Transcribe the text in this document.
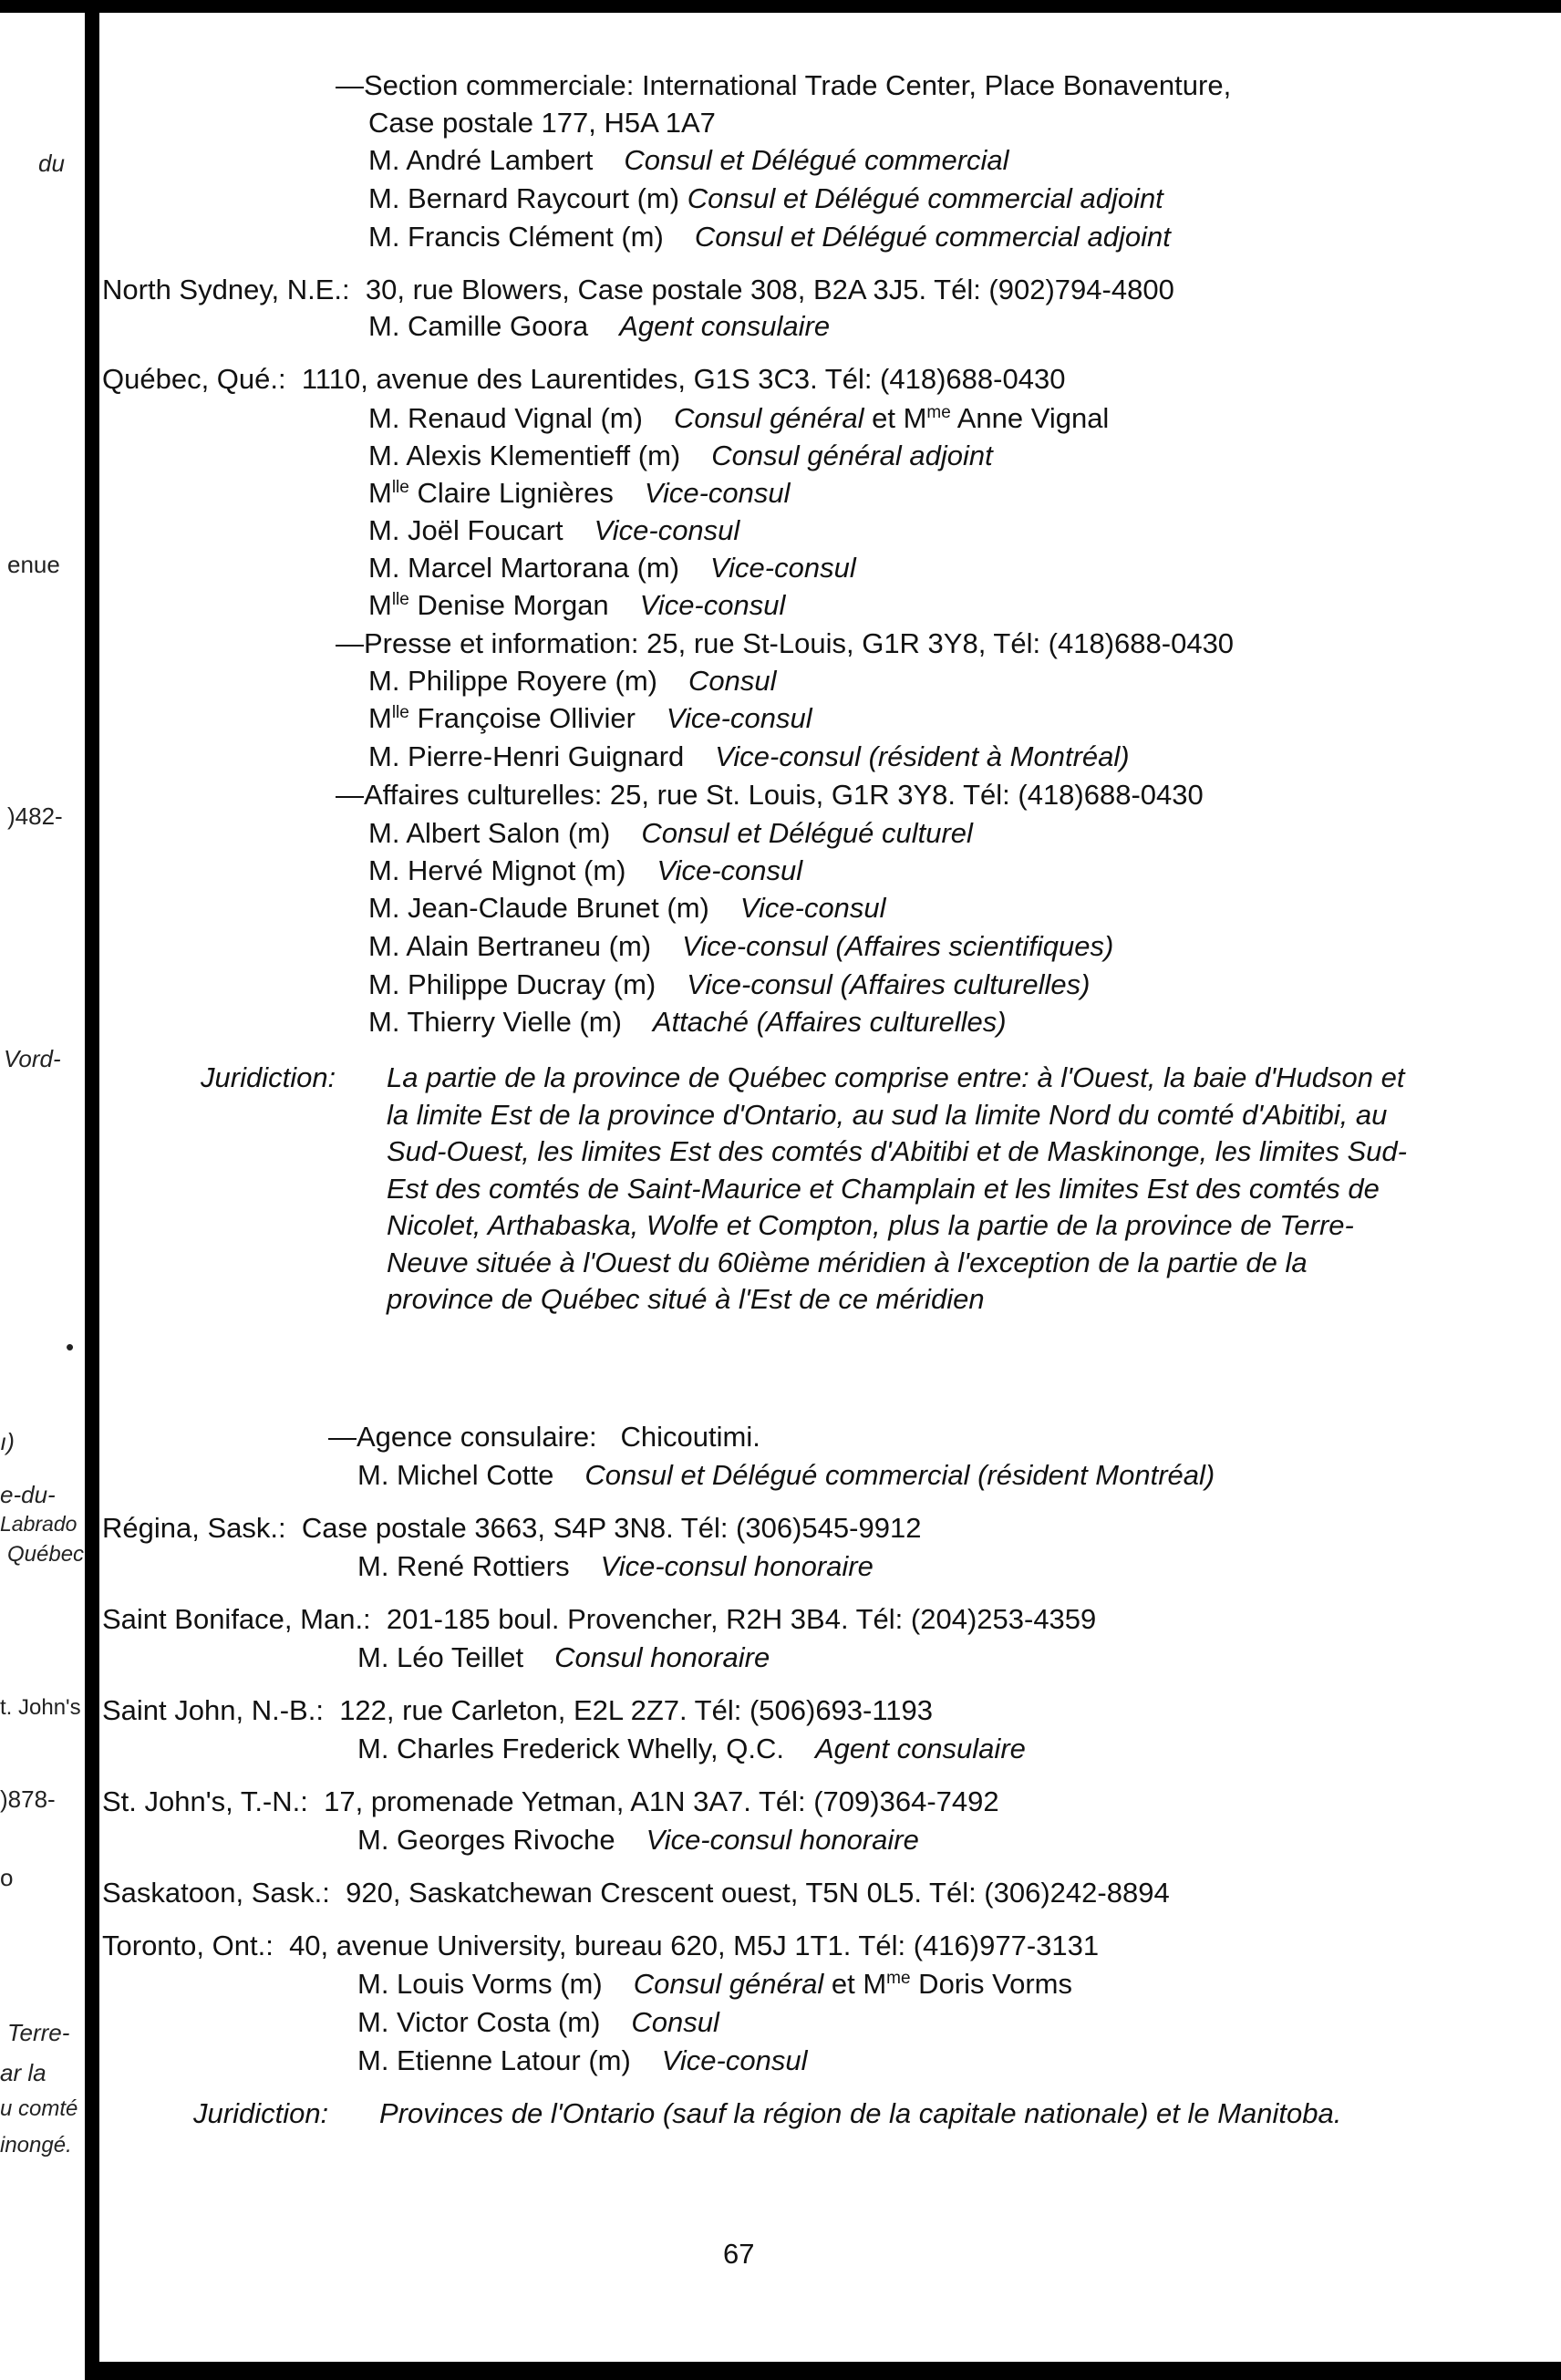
du
enue
)482-
Vord-
•
ı)
e-du-
Labrado
Québec
t. John's
)878-
o
Terre-
ar la
u comté
inongé.
—Section commerciale: International Trade Center, Place Bonaventure,
Case postale 177, H5A 1A7
M. André Lambert Consul et Délégué commercial
M. Bernard Raycourt (m) Consul et Délégué commercial adjoint
M. Francis Clément (m) Consul et Délégué commercial adjoint
North Sydney, N.E.: 30, rue Blowers, Case postale 308, B2A 3J5. Tél: (902)794-4800
M. Camille Goora Agent consulaire
Québec, Qué.: 1110, avenue des Laurentides, G1S 3C3. Tél: (418)688-0430
M. Renaud Vignal (m) Consul général et $M^{me}$ Anne Vignal
M. Alexis Klementieff (m) Consul général adjoint
$M^{lle}$ Claire Lignières Vice-consul
M. Joël Foucart Vice-consul
M. Marcel Martorana (m) Vice-consul
$M^{lle}$ Denise Morgan Vice-consul
—Presse et information: 25, rue St-Louis, G1R 3Y8, Tél: (418)688-0430
M. Philippe Royere (m) Consul
$M^{lle}$ Françoise Ollivier Vice-consul
M. Pierre-Henri Guignard Vice-consul (résident à Montréal)
—Affaires culturelles: 25, rue St. Louis, G1R 3Y8. Tél: (418)688-0430
M. Albert Salon (m) Consul et Délégué culturel
M. Hervé Mignot (m) Vice-consul
M. Jean-Claude Brunet (m) Vice-consul
M. Alain Bertraneu (m) Vice-consul (Affaires scientifiques)
M. Philippe Ducray (m) Vice-consul (Affaires culturelles)
M. Thierry Vielle (m) Attaché (Affaires culturelles)
Juridiction: La partie de la province de Québec comprise entre: à l'Ouest, la baie d'Hudson et la limite Est de la province d'Ontario, au sud la limite Nord du comté d'Abitibi, au Sud-Ouest, les limites Est des comtés d'Abitibi et de Maskinonge, les limites Sud-Est des comtés de Saint-Maurice et Champlain et les limites Est des comtés de Nicolet, Arthabaska, Wolfe et Compton, plus la partie de la province de Terre-Neuve située à l'Ouest du 60ième méridien à l'exception de la partie de la province de Québec situé à l'Est de ce méridien
—Agence consulaire: Chicoutimi.
M. Michel Cotte Consul et Délégué commercial (résident Montréal)
Régina, Sask.: Case postale 3663, S4P 3N8. Tél: (306)545-9912
M. René Rottiers Vice-consul honoraire
Saint Boniface, Man.: 201-185 boul. Provencher, R2H 3B4. Tél: (204)253-4359
M. Léo Teillet Consul honoraire
Saint John, N.-B.: 122, rue Carleton, E2L 2Z7. Tél: (506)693-1193
M. Charles Frederick Whelly, Q.C. Agent consulaire
St. John's, T.-N.: 17, promenade Yetman, A1N 3A7. Tél: (709)364-7492
M. Georges Rivoche Vice-consul honoraire
Saskatoon, Sask.: 920, Saskatchewan Crescent ouest, T5N 0L5. Tél: (306)242-8894
Toronto, Ont.: 40, avenue University, bureau 620, M5J 1T1. Tél: (416)977-3131
M. Louis Vorms (m) Consul général et $M^{me}$ Doris Vorms
M. Victor Costa (m) Consul
M. Etienne Latour (m) Vice-consul
Juridiction: Provinces de l'Ontario (sauf la région de la capitale nationale) et le Manitoba.
67
